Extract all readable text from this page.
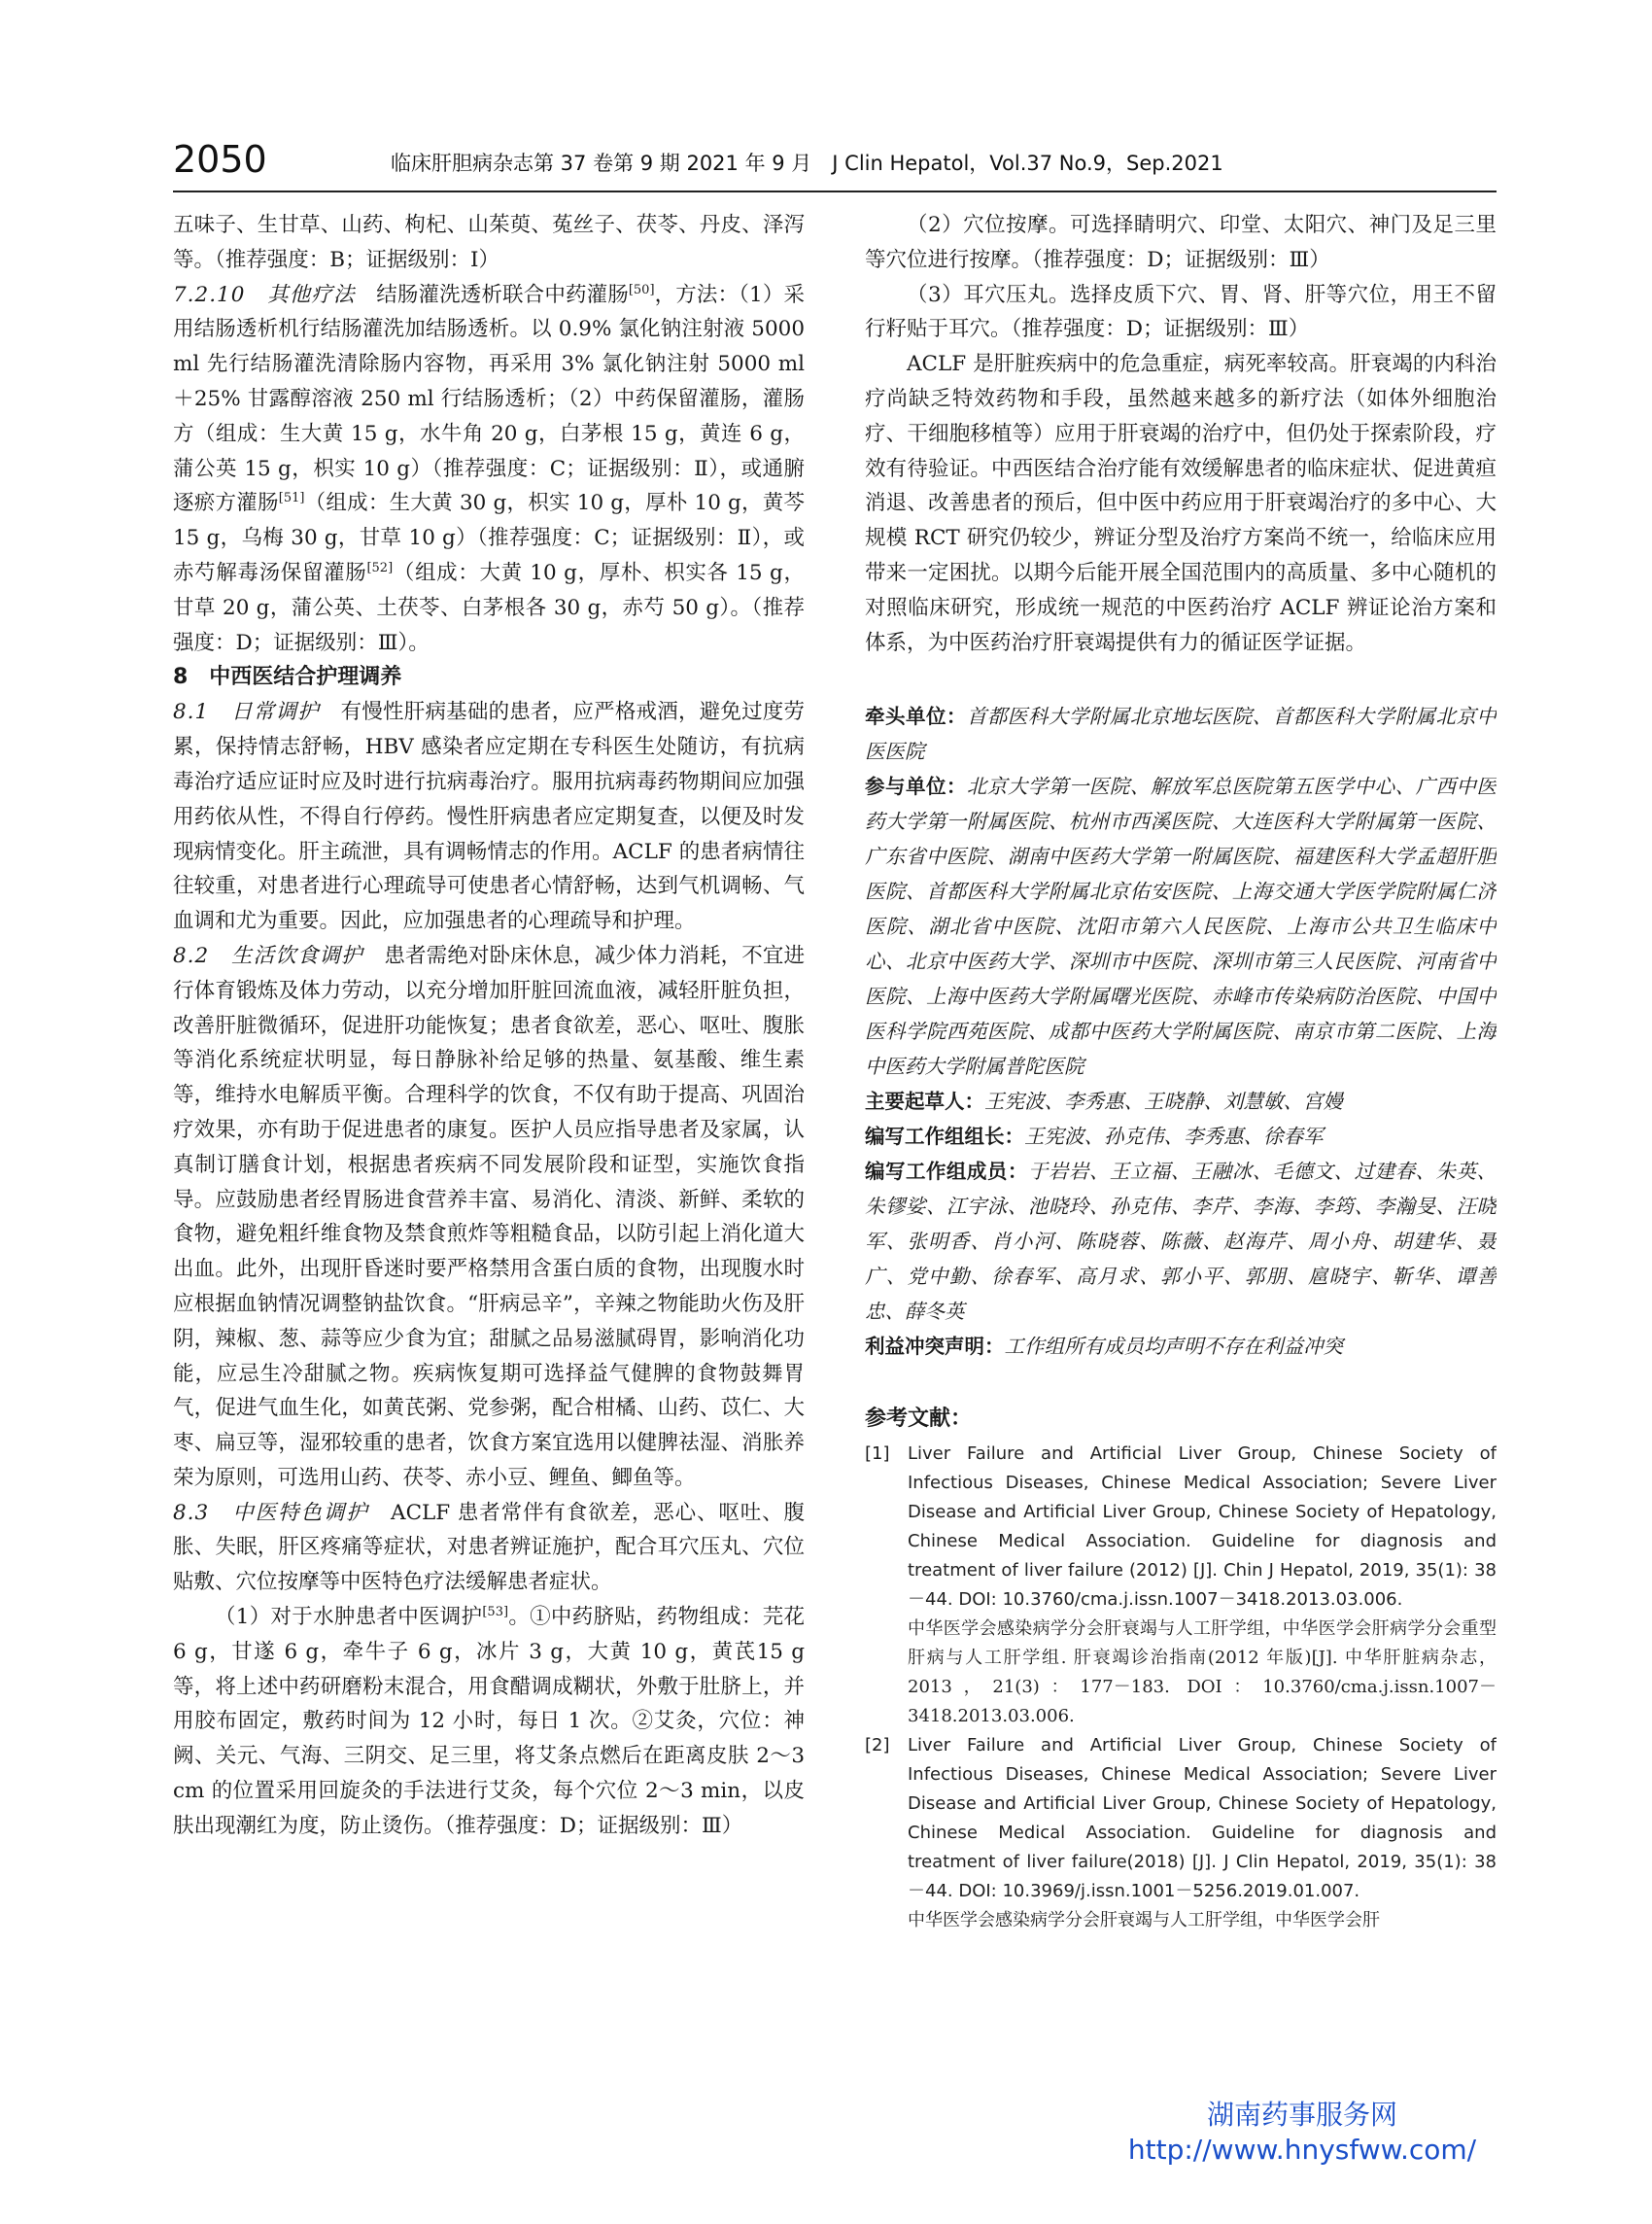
2050	临床肝胆病杂志第 37 卷第 9 期 2021 年 9 月　J Clin Hepatol，Vol.37 No.9，Sep.2021

五味子、生甘草、山药、枸杞、山茱萸、菟丝子、茯苓、丹皮、泽泻等。（推荐强度：B；证据级别：Ⅰ）

7.2.10　其他疗法　结肠灌洗透析联合中药灌肠[50]，方法：（1）采用结肠透析机行结肠灌洗加结肠透析。以 0.9% 氯化钠注射液 5000 ml 先行结肠灌洗清除肠内容物，再采用 3% 氯化钠注射 5000 ml＋25% 甘露醇溶液 250 ml 行结肠透析；（2）中药保留灌肠，灌肠方（组成：生大黄 15 g，水牛角 20 g，白茅根 15 g，黄连 6 g，蒲公英 15 g，枳实 10 g）（推荐强度：C；证据级别：Ⅱ），或通腑逐瘀方灌肠[51]（组成：生大黄 30 g，枳实 10 g，厚朴 10 g，黄芩 15 g，乌梅 30 g，甘草 10 g）（推荐强度：C；证据级别：Ⅱ），或赤芍解毒汤保留灌肠[52]（组成：大黄 10 g，厚朴、枳实各 15 g，甘草 20 g，蒲公英、土茯苓、白茅根各 30 g，赤芍 50 g）。（推荐强度：D；证据级别：Ⅲ）。

8　中西医结合护理调养

8.1　日常调护　有慢性肝病基础的患者，应严格戒酒，避免过度劳累，保持情志舒畅，HBV 感染者应定期在专科医生处随访，有抗病毒治疗适应证时应及时进行抗病毒治疗。服用抗病毒药物期间应加强用药依从性，不得自行停药。慢性肝病患者应定期复查，以便及时发现病情变化。肝主疏泄，具有调畅情志的作用。ACLF 的患者病情往往较重，对患者进行心理疏导可使患者心情舒畅，达到气机调畅、气血调和尤为重要。因此，应加强患者的心理疏导和护理。

8.2　生活饮食调护　患者需绝对卧床休息，减少体力消耗，不宜进行体育锻炼及体力劳动，以充分增加肝脏回流血液，减轻肝脏负担，改善肝脏微循环，促进肝功能恢复；患者食欲差，恶心、呕吐、腹胀等消化系统症状明显，每日静脉补给足够的热量、氨基酸、维生素等，维持水电解质平衡。合理科学的饮食，不仅有助于提高、巩固治疗效果，亦有助于促进患者的康复。医护人员应指导患者及家属，认真制订膳食计划，根据患者疾病不同发展阶段和证型，实施饮食指导。应鼓励患者经胃肠进食营养丰富、易消化、清淡、新鲜、柔软的食物，避免粗纤维食物及禁食煎炸等粗糙食品，以防引起上消化道大出血。此外，出现肝昏迷时要严格禁用含蛋白质的食物，出现腹水时应根据血钠情况调整钠盐饮食。“肝病忌辛”，辛辣之物能助火伤及肝阴，辣椒、葱、蒜等应少食为宜；甜腻之品易滋腻碍胃，影响消化功能，应忌生冷甜腻之物。疾病恢复期可选择益气健脾的食物鼓舞胃气，促进气血生化，如黄芪粥、党参粥，配合柑橘、山药、苡仁、大枣、扁豆等，湿邪较重的患者，饮食方案宜选用以健脾祛湿、消胀养荣为原则，可选用山药、茯苓、赤小豆、鲤鱼、鲫鱼等。

8.3　中医特色调护　ACLF 患者常伴有食欲差，恶心、呕吐、腹胀、失眠，肝区疼痛等症状，对患者辨证施护，配合耳穴压丸、穴位贴敷、穴位按摩等中医特色疗法缓解患者症状。

（1）对于水肿患者中医调护[53]。①中药脐贴，药物组成：芫花 6 g，甘遂 6 g，牵牛子 6 g，冰片 3 g，大黄 10 g，黄芪15 g 等，将上述中药研磨粉末混合，用食醋调成糊状，外敷于肚脐上，并用胶布固定，敷药时间为 12 小时，每日 1 次。②艾灸，穴位：神阙、关元、气海、三阴交、足三里，将艾条点燃后在距离皮肤 2～3 cm 的位置采用回旋灸的手法进行艾灸，每个穴位 2～3 min，以皮肤出现潮红为度，防止烫伤。（推荐强度：D；证据级别：Ⅲ）

（2）穴位按摩。可选择睛明穴、印堂、太阳穴、神门及足三里等穴位进行按摩。（推荐强度：D；证据级别：Ⅲ）

（3）耳穴压丸。选择皮质下穴、胃、肾、肝等穴位，用王不留行籽贴于耳穴。（推荐强度：D；证据级别：Ⅲ）

ACLF 是肝脏疾病中的危急重症，病死率较高。肝衰竭的内科治疗尚缺乏特效药物和手段，虽然越来越多的新疗法（如体外细胞治疗、干细胞移植等）应用于肝衰竭的治疗中，但仍处于探索阶段，疗效有待验证。中西医结合治疗能有效缓解患者的临床症状、促进黄疸消退、改善患者的预后，但中医中药应用于肝衰竭治疗的多中心、大规模 RCT 研究仍较少，辨证分型及治疗方案尚不统一，给临床应用带来一定困扰。以期今后能开展全国范围内的高质量、多中心随机的对照临床研究，形成统一规范的中医药治疗 ACLF 辨证论治方案和体系，为中医药治疗肝衰竭提供有力的循证医学证据。

牵头单位：首都医科大学附属北京地坛医院、首都医科大学附属北京中医医院

参与单位：北京大学第一医院、解放军总医院第五医学中心、广西中医药大学第一附属医院、杭州市西溪医院、大连医科大学附属第一医院、广东省中医院、湖南中医药大学第一附属医院、福建医科大学孟超肝胆医院、首都医科大学附属北京佑安医院、上海交通大学医学院附属仁济医院、湖北省中医院、沈阳市第六人民医院、上海市公共卫生临床中心、北京中医药大学、深圳市中医院、深圳市第三人民医院、河南省中医院、上海中医药大学附属曙光医院、赤峰市传染病防治医院、中国中医科学院西苑医院、成都中医药大学附属医院、南京市第二医院、上海中医药大学附属普陀医院

主要起草人：王宪波、李秀惠、王晓静、刘慧敏、宫嫚

编写工作组组长：王宪波、孙克伟、李秀惠、徐春军

编写工作组成员：于岩岩、王立福、王融冰、毛德文、过建春、朱英、朱镠娑、江宇泳、池晓玲、孙克伟、李芹、李海、李筠、李瀚旻、汪晓军、张明香、肖小河、陈晓蓉、陈薇、赵海芹、周小舟、胡建华、聂广、党中勤、徐春军、高月求、郭小平、郭朋、扈晓宇、靳华、谭善忠、薛冬英

利益冲突声明：工作组所有成员均声明不存在利益冲突

参考文献：

[1]	Liver Failure and Artificial Liver Group, Chinese Society of Infectious Diseases, Chinese Medical Association; Severe Liver Disease and Artificial Liver Group, Chinese Society of Hepatology, Chinese Medical Association. Guideline for diagnosis and treatment of liver failure (2012) [J]. Chin J Hepatol, 2019, 35(1): 38－44. DOI: 10.3760/cma.j.issn.1007－3418.2013.03.006.

中华医学会感染病学分会肝衰竭与人工肝学组，中华医学会肝病学分会重型肝病与人工肝学组. 肝衰竭诊治指南(2012 年版)[J]. 中华肝脏病杂志，2013，21(3)：177－183. DOI：10.3760/cma.j.issn.1007－3418.2013.03.006.

[2]	Liver Failure and Artificial Liver Group, Chinese Society of Infectious Diseases, Chinese Medical Association; Severe Liver Disease and Artificial Liver Group, Chinese Society of Hepatology, Chinese Medical Association. Guideline for diagnosis and treatment of liver failure(2018) [J]. J Clin Hepatol, 2019, 35(1): 38－44. DOI: 10.3969/j.issn.1001－5256.2019.01.007.

中华医学会感染病学分会肝衰竭与人工肝学组，中华医学会肝

湖南药事服务网
http://www.hnysfww.com/
